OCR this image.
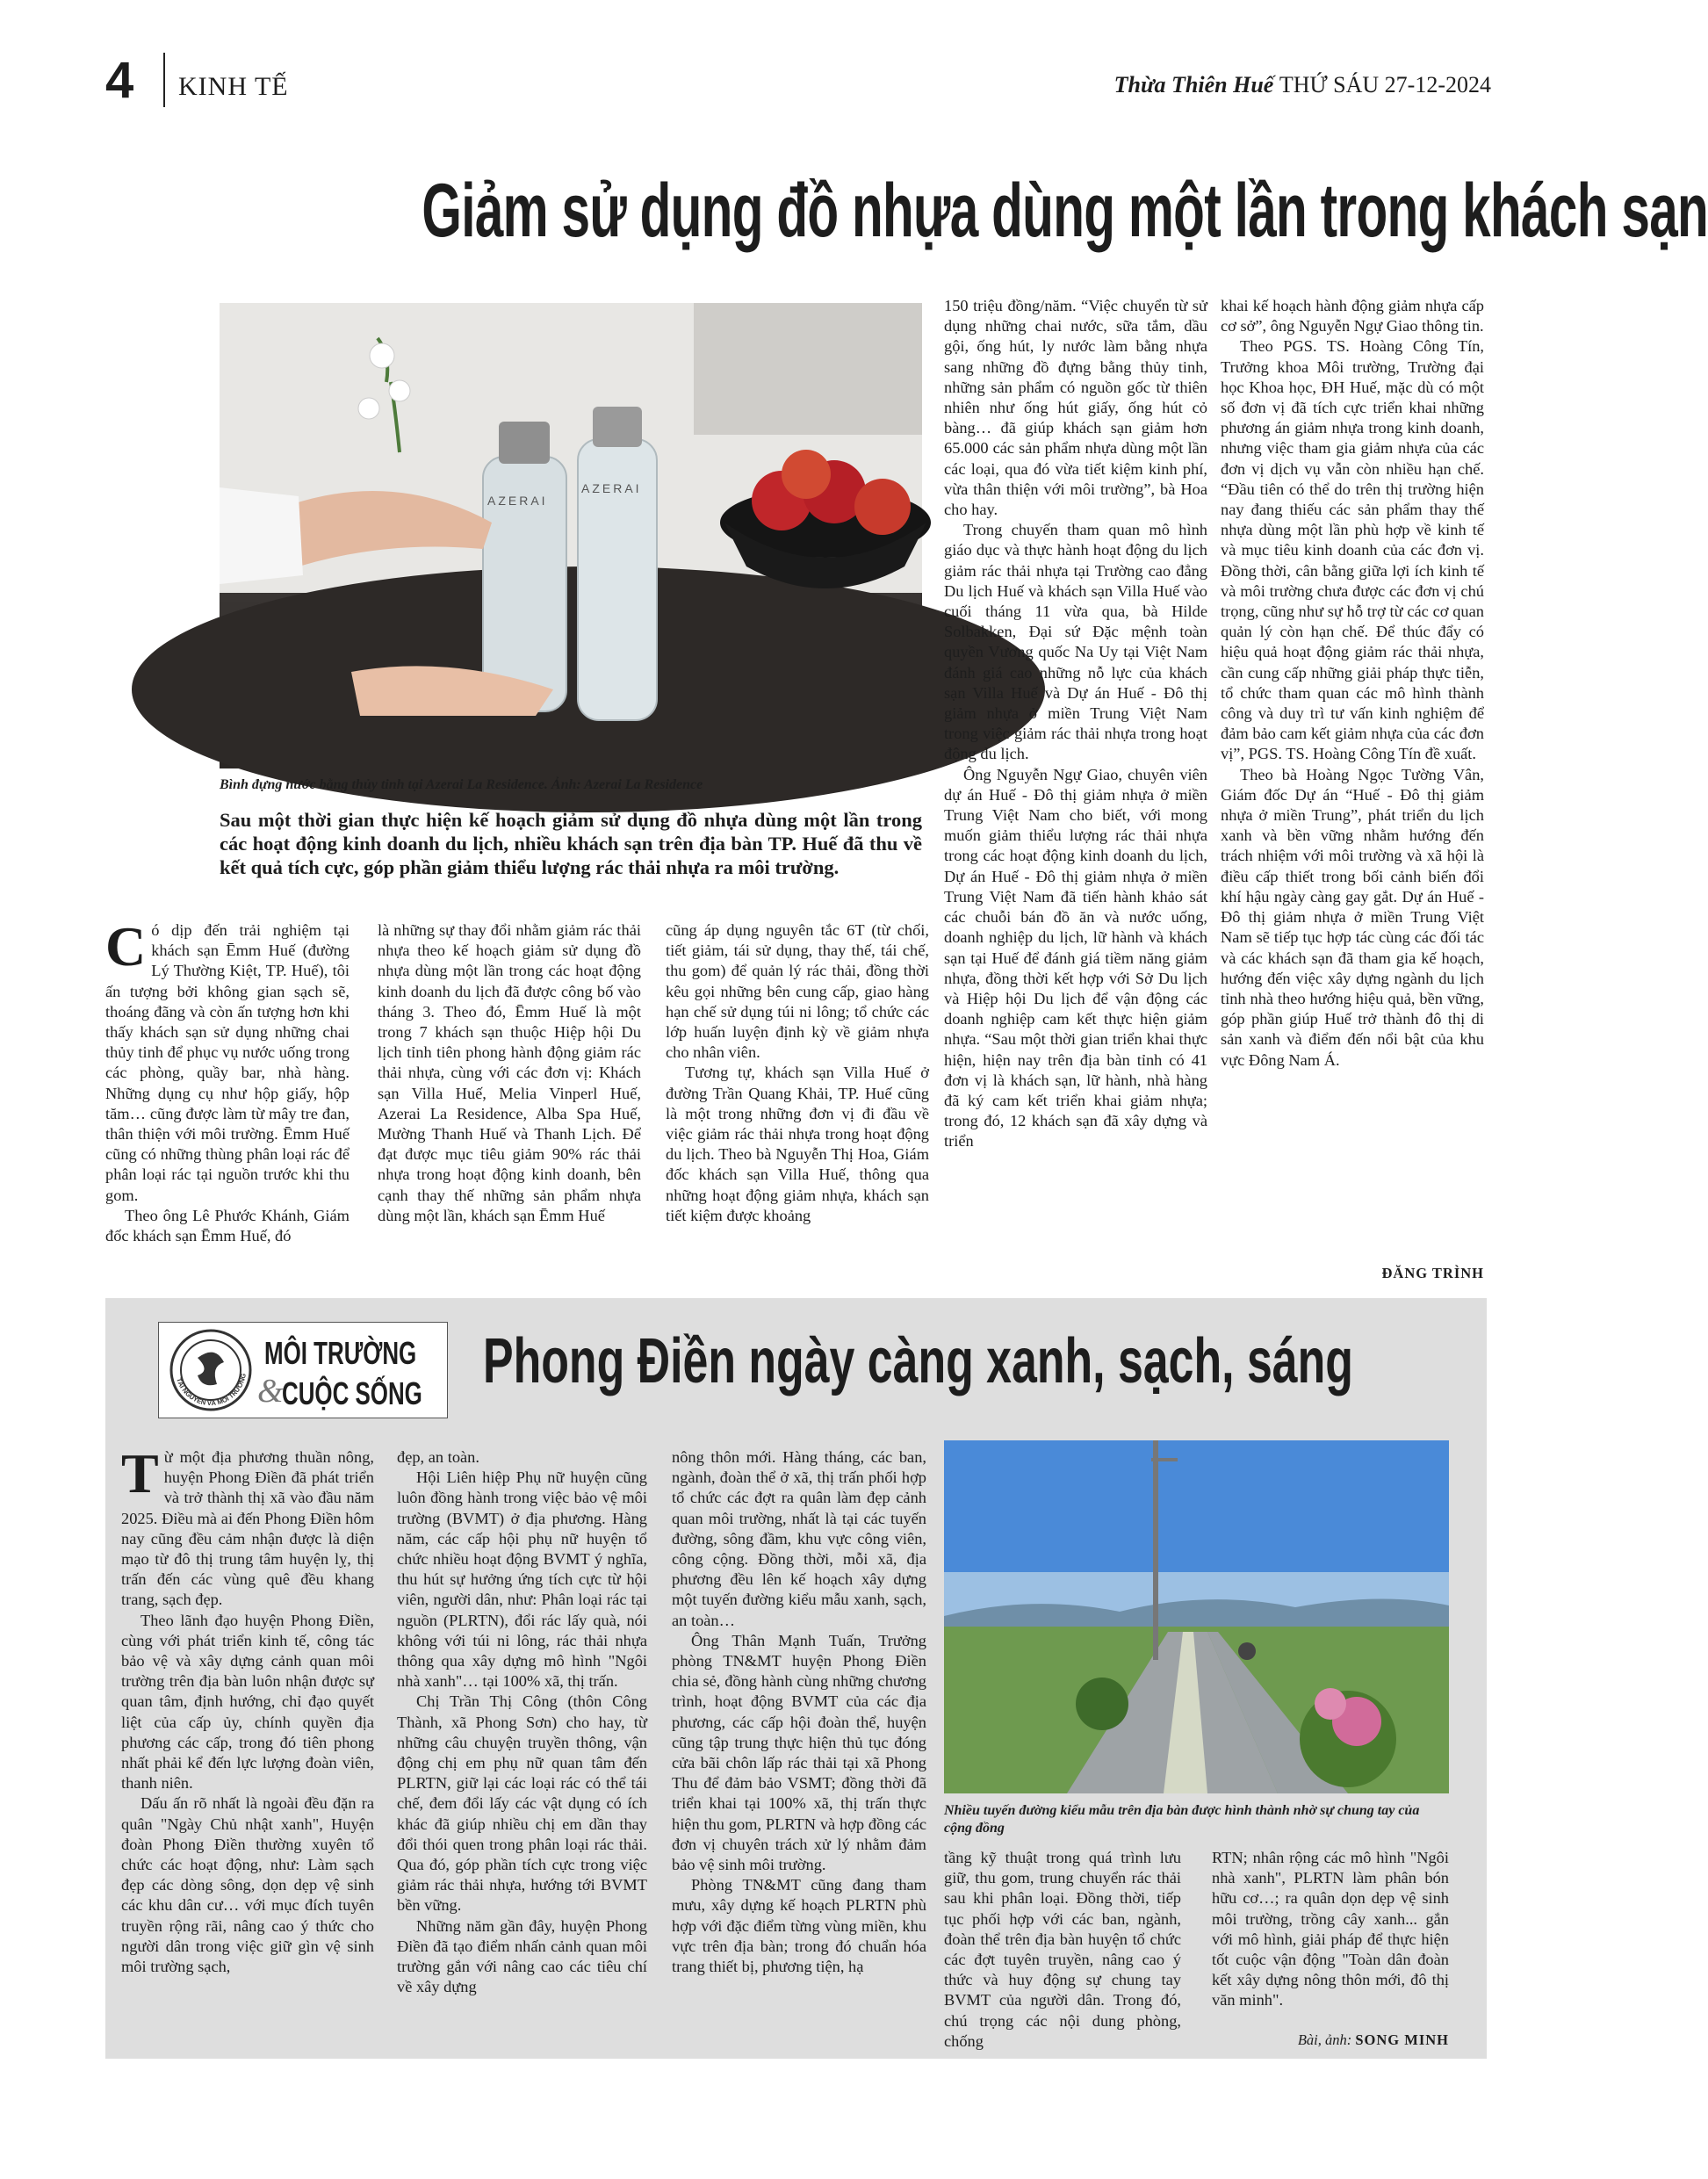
4 KINH TẾ	Thừa Thiên Huế THỨ SÁU 27-12-2024
Giảm sử dụng đồ nhựa dùng một lần trong khách sạn
AZERAI
AZERAI
Bình đựng nước bằng thủy tinh tại Azerai La Residence. Ảnh: Azerai La Residence
Sau một thời gian thực hiện kế hoạch giảm sử dụng đồ nhựa dùng một lần trong các hoạt động kinh doanh du lịch, nhiều khách sạn trên địa bàn TP. Huế đã thu về kết quả tích cực, góp phần giảm thiểu lượng rác thải nhựa ra môi trường.
C ó dịp đến trải nghiệm tại khách sạn Ēmm Huế (đường Lý Thường Kiệt, TP. Huế), tôi ấn tượng bởi không gian sạch sẽ, thoáng đãng và còn ấn tượng hơn khi thấy khách sạn sử dụng những chai thủy tinh để phục vụ nước uống trong các phòng, quầy bar, nhà hàng. Những dụng cụ như hộp giấy, hộp tăm… cũng được làm từ mây tre đan, thân thiện với môi trường. Ēmm Huế cũng có những thùng phân loại rác để phân loại rác tại nguồn trước khi thu gom.

Theo ông Lê Phước Khánh, Giám đốc khách sạn Ēmm Huế, đó

là những sự thay đổi nhằm giảm rác thải nhựa theo kế hoạch giảm sử dụng đồ nhựa dùng một lần trong các hoạt động kinh doanh du lịch đã được công bố vào tháng 3. Theo đó, Ēmm Huế là một trong 7 khách sạn thuộc Hiệp hội Du lịch tỉnh tiên phong hành động giảm rác thải nhựa, cùng với các đơn vị: Khách sạn Villa Huế, Melia Vinperl Huế, Azerai La Residence, Alba Spa Huế, Mường Thanh Huế và Thanh Lịch. Để đạt được mục tiêu giảm 90% rác thải nhựa trong hoạt động kinh doanh, bên cạnh thay thế những sản phẩm nhựa dùng một lần, khách sạn Ēmm Huế

cũng áp dụng nguyên tắc 6T (từ chối, tiết giảm, tái sử dụng, thay thế, tái chế, thu gom) để quản lý rác thải, đồng thời kêu gọi những bên cung cấp, giao hàng hạn chế sử dụng túi ni lông; tổ chức các lớp huấn luyện định kỳ về giảm nhựa cho nhân viên.

Tương tự, khách sạn Villa Huế ở đường Trần Quang Khải, TP. Huế cũng là một trong những đơn vị đi đầu về việc giảm rác thải nhựa trong hoạt động du lịch. Theo bà Nguyễn Thị Hoa, Giám đốc khách sạn Villa Huế, thông qua những hoạt động giảm nhựa, khách sạn tiết kiệm được khoảng

150 triệu đồng/năm. “Việc chuyển từ sử dụng những chai nước, sữa tắm, dầu gội, ống hút, ly nước làm bằng nhựa sang những đồ đựng bằng thủy tinh, những sản phẩm có nguồn gốc từ thiên nhiên như ống hút giấy, ống hút cỏ bàng… đã giúp khách sạn giảm hơn 65.000 các sản phẩm nhựa dùng một lần các loại, qua đó vừa tiết kiệm kinh phí, vừa thân thiện với môi trường”, bà Hoa cho hay.

Trong chuyến tham quan mô hình giáo dục và thực hành hoạt động du lịch giảm rác thải nhựa tại Trường cao đẳng Du lịch Huế và khách sạn Villa Huế vào cuối tháng 11 vừa qua, bà Hilde Solbakken, Đại sứ Đặc mệnh toàn quyền Vương quốc Na Uy tại Việt Nam đánh giá cao những nỗ lực của khách sạn Villa Huế và Dự án Huế - Đô thị giảm nhựa ở miền Trung Việt Nam trong việc giảm rác thải nhựa trong hoạt động du lịch.

Ông Nguyễn Ngự Giao, chuyên viên dự án Huế - Đô thị giảm nhựa ở miền Trung Việt Nam cho biết, với mong muốn giảm thiểu lượng rác thải nhựa trong các hoạt động kinh doanh du lịch, Dự án Huế - Đô thị giảm nhựa ở miền Trung Việt Nam đã tiến hành khảo sát các chuỗi bán đồ ăn và nước uống, doanh nghiệp du lịch, lữ hành và khách sạn tại Huế để đánh giá tiềm năng giảm nhựa, đồng thời kết hợp với Sở Du lịch và Hiệp hội Du lịch để vận động các doanh nghiệp cam kết thực hiện giảm nhựa. “Sau một thời gian triển khai thực hiện, hiện nay trên địa bàn tỉnh có 41 đơn vị là khách sạn, lữ hành, nhà hàng đã ký cam kết triển khai giảm nhựa; trong đó, 12 khách sạn đã xây dựng và triển

khai kế hoạch hành động giảm nhựa cấp cơ sở”, ông Nguyễn Ngự Giao thông tin.

Theo PGS. TS. Hoàng Công Tín, Trưởng khoa Môi trường, Trường đại học Khoa học, ĐH Huế, mặc dù có một số đơn vị đã tích cực triển khai những phương án giảm nhựa trong kinh doanh, nhưng việc tham gia giảm nhựa của các đơn vị dịch vụ vẫn còn nhiều hạn chế. “Đầu tiên có thể do trên thị trường hiện nay đang thiếu các sản phẩm thay thế nhựa dùng một lần phù hợp về kinh tế và mục tiêu kinh doanh của các đơn vị. Đồng thời, cân bằng giữa lợi ích kinh tế và môi trường chưa được các đơn vị chú trọng, cũng như sự hỗ trợ từ các cơ quan quản lý còn hạn chế. Để thúc đẩy có hiệu quả hoạt động giảm rác thải nhựa, cần cung cấp những giải pháp thực tiễn, tổ chức tham quan các mô hình thành công và duy trì tư vấn kinh nghiệm để đảm bảo cam kết giảm nhựa của các đơn vị”, PGS. TS. Hoàng Công Tín đề xuất.

Theo bà Hoàng Ngọc Tường Vân, Giám đốc Dự án “Huế - Đô thị giảm nhựa ở miền Trung”, phát triển du lịch xanh và bền vững nhằm hướng đến trách nhiệm với môi trường và xã hội là điều cấp thiết trong bối cảnh biến đổi khí hậu ngày càng gay gắt. Dự án Huế - Đô thị giảm nhựa ở miền Trung Việt Nam sẽ tiếp tục hợp tác cùng các đối tác và các khách sạn đã tham gia kế hoạch, hướng đến việc xây dựng ngành du lịch tỉnh nhà theo hướng hiệu quả, bền vững, góp phần giúp Huế trở thành đô thị di sản xanh và điểm đến nổi bật của khu vực Đông Nam Á.

ĐĂNG TRÌNH
TÀI NGUYÊN VÀ MÔI TRƯỜNG
MÔI TRƯỜNG
&
CUỘC SỐNG Phong Điền ngày càng xanh, sạch, sáng
T ừ một địa phương thuần nông, huyện Phong Điền đã phát triển và trở thành thị xã vào đầu năm 2025. Điều mà ai đến Phong Điền hôm nay cũng đều cảm nhận được là diện mạo từ đô thị trung tâm huyện lỵ, thị trấn đến các vùng quê đều khang trang, sạch đẹp.

Theo lãnh đạo huyện Phong Điền, cùng với phát triển kinh tế, công tác bảo vệ và xây dựng cảnh quan môi trường trên địa bàn luôn nhận được sự quan tâm, định hướng, chỉ đạo quyết liệt của cấp ủy, chính quyền địa phương các cấp, trong đó tiên phong nhất phải kể đến lực lượng đoàn viên, thanh niên.

Dấu ấn rõ nhất là ngoài đều đặn ra quân "Ngày Chủ nhật xanh", Huyện đoàn Phong Điền thường xuyên tổ chức các hoạt động, như: Làm sạch đẹp các dòng sông, dọn dẹp vệ sinh các khu dân cư… với mục đích tuyên truyền rộng rãi, nâng cao ý thức cho người dân trong việc giữ gìn vệ sinh môi trường sạch,

đẹp, an toàn.

Hội Liên hiệp Phụ nữ huyện cũng luôn đồng hành trong việc bảo vệ môi trường (BVMT) ở địa phương. Hàng năm, các cấp hội phụ nữ huyện tổ chức nhiều hoạt động BVMT ý nghĩa, thu hút sự hưởng ứng tích cực từ hội viên, người dân, như: Phân loại rác tại nguồn (PLRTN), đổi rác lấy quà, nói không với túi ni lông, rác thải nhựa thông qua xây dựng mô hình "Ngôi nhà xanh"… tại 100% xã, thị trấn.

Chị Trần Thị Công (thôn Công Thành, xã Phong Sơn) cho hay, từ những câu chuyện truyền thông, vận động chị em phụ nữ quan tâm đến PLRTN, giữ lại các loại rác có thể tái chế, đem đổi lấy các vật dụng có ích khác đã giúp nhiều chị em dần thay đổi thói quen trong phân loại rác thải. Qua đó, góp phần tích cực trong việc giảm rác thải nhựa, hướng tới BVMT bền vững.

Những năm gần đây, huyện Phong Điền đã tạo điểm nhấn cảnh quan môi trường gắn với nâng cao các tiêu chí về xây dựng

nông thôn mới. Hàng tháng, các ban, ngành, đoàn thể ở xã, thị trấn phối hợp tổ chức các đợt ra quân làm đẹp cảnh quan môi trường, nhất là tại các tuyến đường, sông đầm, khu vực công viên, công cộng. Đồng thời, mỗi xã, địa phương đều lên kế hoạch xây dựng một tuyến đường kiểu mẫu xanh, sạch, an toàn…

Ông Thân Mạnh Tuấn, Trưởng phòng TN&MT huyện Phong Điền chia sẻ, đồng hành cùng những chương trình, hoạt động BVMT của các địa phương, các cấp hội đoàn thể, huyện cũng tập trung thực hiện thủ tục đóng cửa bãi chôn lấp rác thải tại xã Phong Thu để đảm bảo VSMT; đồng thời đã triển khai tại 100% xã, thị trấn thực hiện thu gom, PLRTN và hợp đồng các đơn vị chuyên trách xử lý nhằm đảm bảo vệ sinh môi trường.

Phòng TN&MT cũng đang tham mưu, xây dựng kế hoạch PLRTN phù hợp với đặc điểm từng vùng miền, khu vực trên địa bàn; trong đó chuẩn hóa trang thiết bị, phương tiện, hạ

Nhiều tuyến đường kiểu mẫu trên địa bàn được hình thành nhờ sự chung tay của cộng đồng

tầng kỹ thuật trong quá trình lưu giữ, thu gom, trung chuyển rác thải sau khi phân loại. Đồng thời, tiếp tục phối hợp với các ban, ngành, đoàn thể trên địa bàn huyện tổ chức các đợt tuyên truyền, nâng cao ý thức và huy động sự chung tay BVMT của người dân. Trong đó, chú trọng các nội dung phòng, chống

RTN; nhân rộng các mô hình "Ngôi nhà xanh", PLRTN làm phân bón hữu cơ…; ra quân dọn dẹp vệ sinh môi trường, trồng cây xanh... gắn với mô hình, giải pháp để thực hiện tốt cuộc vận động "Toàn dân đoàn kết xây dựng nông thôn mới, đô thị văn minh".

Bài, ảnh: SONG MINH
